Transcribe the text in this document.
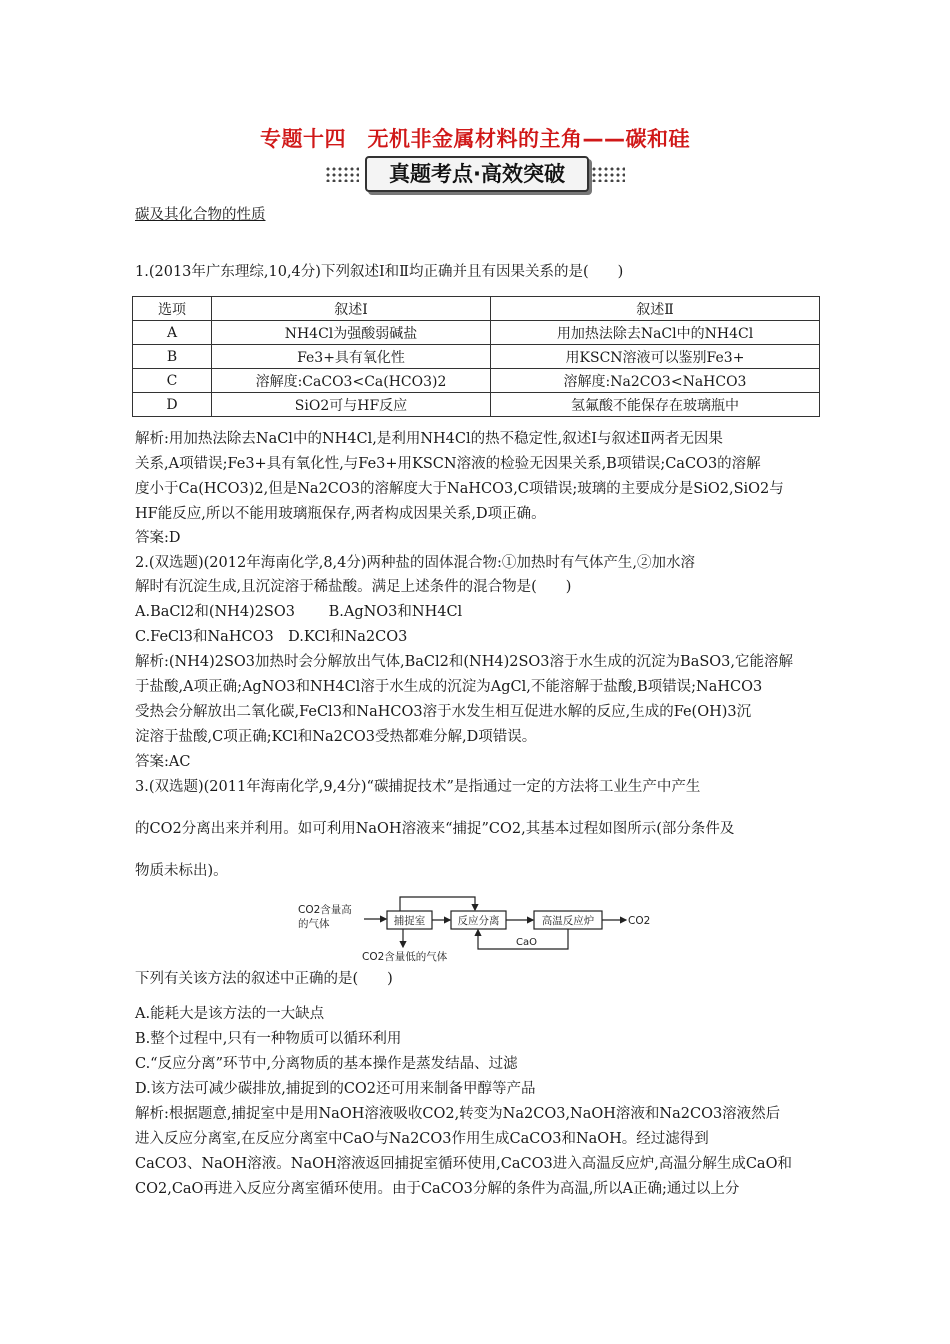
专题十四　无机非金属材料的主角——碳和硅
真题考点·高效突破
碳及其化合物的性质
1.(2013年广东理综,10,4分)下列叙述Ⅰ和Ⅱ均正确并且有因果关系的是(　　)
选项	叙述Ⅰ	叙述Ⅱ
A	NH4Cl为强酸弱碱盐	用加热法除去NaCl中的NH4Cl
B	Fe3+具有氧化性	用KSCN溶液可以鉴别Fe3+
C	溶解度:CaCO3<Ca(HCO3)2	溶解度:Na2CO3<NaHCO3
D	SiO2可与HF反应	氢氟酸不能保存在玻璃瓶中
解析:用加热法除去NaCl中的NH4Cl,是利用NH4Cl的热不稳定性,叙述Ⅰ与叙述Ⅱ两者无因果
关系,A项错误;Fe3+具有氧化性,与Fe3+用KSCN溶液的检验无因果关系,B项错误;CaCO3的溶解
度小于Ca(HCO3)2,但是Na2CO3的溶解度大于NaHCO3,C项错误;玻璃的主要成分是SiO2,SiO2与
HF能反应,所以不能用玻璃瓶保存,两者构成因果关系,D项正确。
答案:D
2.(双选题)(2012年海南化学,8,4分)两种盐的固体混合物:①加热时有气体产生,②加水溶
解时有沉淀生成,且沉淀溶于稀盐酸。满足上述条件的混合物是(　　)
A.BaCl2和(NH4)2SO3　　 B.AgNO3和NH4Cl
C.FeCl3和NaHCO3　D.KCl和Na2CO3
解析:(NH4)2SO3加热时会分解放出气体,BaCl2和(NH4)2SO3溶于水生成的沉淀为BaSO3,它能溶解
于盐酸,A项正确;AgNO3和NH4Cl溶于水生成的沉淀为AgCl,不能溶解于盐酸,B项错误;NaHCO3
受热会分解放出二氧化碳,FeCl3和NaHCO3溶于水发生相互促进水解的反应,生成的Fe(OH)3沉
淀溶于盐酸,C项正确;KCl和Na2CO3受热都难分解,D项错误。
答案:AC
3.(双选题)(2011年海南化学,9,4分)“碳捕捉技术”是指通过一定的方法将工业生产中产生
的CO2分离出来并利用。如可利用NaOH溶液来“捕捉”CO2,其基本过程如图所示(部分条件及
物质未标出)。
CO2含量高
的气体	捕捉室	反应分离	高温反应炉	CO2
CaO
CO2含量低的气体
下列有关该方法的叙述中正确的是(　　)
A.能耗大是该方法的一大缺点
B.整个过程中,只有一种物质可以循环利用
C.“反应分离”环节中,分离物质的基本操作是蒸发结晶、过滤
D.该方法可减少碳排放,捕捉到的CO2还可用来制备甲醇等产品
解析:根据题意,捕捉室中是用NaOH溶液吸收CO2,转变为Na2CO3,NaOH溶液和Na2CO3溶液然后
进入反应分离室,在反应分离室中CaO与Na2CO3作用生成CaCO3和NaOH。经过滤得到
CaCO3、NaOH溶液。NaOH溶液返回捕捉室循环使用,CaCO3进入高温反应炉,高温分解生成CaO和
CO2,CaO再进入反应分离室循环使用。由于CaCO3分解的条件为高温,所以A正确;通过以上分
